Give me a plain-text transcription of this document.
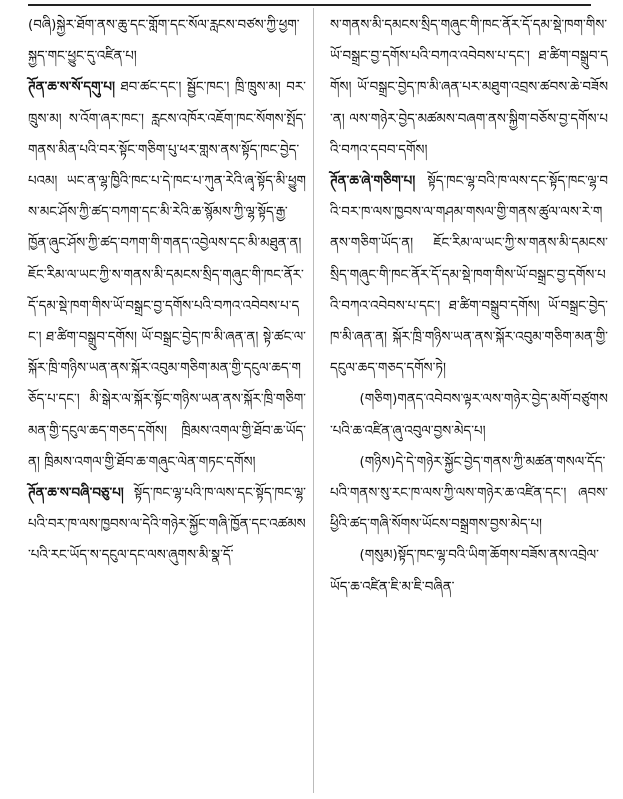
(བཞི)སྐྱེར་ཐོག་ནས་ཆུ་དང་གློག་དང་སོལ་རླངས་བཙས་ཀྱི་ཕྱག་སྐྱད་གང་ཕྱུང་དུ་འཛིན་པ།

ཊོན་ཆ་ས་སོ་དགུ་པ། ཐབ་ཚང་དང་། སྦྱོང་ཁང་། ཁྲི་ཁྲུས་མ། བར་ཁྲུས་མ། ས་འོག་ཞར་ཁང་། རླངས་འཁོར་འཇོག་ཁང་སོགས་སྤོད་གནས་མིན་པའི་བར་སྟོང་གཅིག་པུ་ཕར་གླས་ནས་སྟོད་ཁང་བྱེད་པའམ། ཡང་ན་ལྷ་ཁྱིའི་ཁང་པ་དེ་ཁང་པ་ཀུན་རེའི་ཞྭ་སྟོད་མི་ཕྱུགས་མང་ཤོས་ཀྱི་ཚད་བཀག་དང་མི་རེའི་ཆ་སྙོམས་ཀྱི་ལྷ་སྟོད་རྒྱ་ཁྱོན་ཞུང་ཤོས་ཀྱི་ཚད་བཀག་གི་གནད་འབྱེལས་དང་མི་མཐུན་ན། ཇོང་རིམ་ལ་ཡང་ཀྱི་ས་གནས་མི་དམངས་སྲིད་གཞུང་གི་ཁང་ནོར་དོ་དམ་སྡེ་ཁག་གིས་ཡོ་བསྒྲང་བྱ་དགོས་པའི་བཀའ་འབེབས་པ་དང་། ཐ་ཚིག་བསྒྲུབ་དགོས། ཡོ་བསྒྲང་བྱེད་ཁ་མི་ཞན་ན། སྟེ་ཚང་ལ་སྐོར་ཁྲི་གཉིས་ཡན་ནས་སྐོར་འབུམ་གཅིག་མན་གྱི་དངུལ་ཆད་གཅོད་པ་དང་། མི་སྒེར་ལ་སྐོར་སྟོང་གཉིས་ཡན་ནས་སྐོར་ཁྲི་གཅིག་མན་གྱི་དངུལ་ཆད་གཅད་དགོས། ཁྲིམས་འགལ་གྱི་ཐོབ་ཆ་ཡོད་ན། ཁྲིམས་འགལ་གྱི་ཐོབ་ཆ་གཞུང་ལེན་གཏང་དགོས།

ཊོན་ཆ་ས་བཞི་བཅུ་པ། སྟོད་ཁང་ལྷ་པའི་ཁ་ལས་དང་སྟོད་ཁང་ལྷ་པའི་བར་ཁ་ལས་ཁྱབས་ལ་དེའི་གཉེར་སྐྱོང་གཞི་ཁྱོན་དང་འཚམས་པའི་རང་ཡོད་ས་དངུལ་དང་ལས་ཞུགས་མི་སྣ་དོ་

ས་གནས་མི་དམངས་སྲིད་གཞུང་གི་ཁང་ནོར་དོ་དམ་སྡེ་ཁག་གིས་ཡོ་བསྒྲང་བྱ་དགོས་པའི་བཀའ་འབེབས་པ་དང་། ཐ་ཚིག་བསྒྲུབ་དགོས། ཡོ་བསྒྲང་བྱེད་ཁ་མི་ཞན་པར་མཐུག་འབྲས་ཚབས་ཆེ་བཟོས་ན། ལས་གཉེར་བྱེད་མཚམས་བཞག་ནས་སྐྱིག་བཅོས་བྱ་དགོས་པའི་བཀའ་དབབ་དགོས།

ཊོན་ཆ་ཞེ་གཅིག་པ། སྟོད་ཁང་ལྷ་བའི་ཁ་ལས་དང་སྟོད་ཁང་ལྷ་བའི་བར་ཁ་ལས་ཁྱབས་ལ་གཤམ་གསལ་གྱི་གནས་ཚུལ་ལས་རེ་གནས་གཅིག་ཡོད་ན། ཇོང་རིམ་ལ་ཡང་ཀྱི་ས་གནས་མི་དམངས་སྲིད་གཞུང་གི་ཁང་ནོར་དོ་དམ་སྡེ་ཁག་གིས་ཡོ་བསྒྲང་བྱ་དགོས་པའི་བཀའ་འབེབས་པ་དང་། ཐ་ཚིག་བསྒྲུབ་དགོས། ཡོ་བསྒྲང་བྱེད་ཁ་མི་ཞན་ན། སྐོར་ཁྲི་གཉིས་ཡན་ནས་སྐོར་འབུམ་གཅིག་མན་གྱི་དངུལ་ཆད་གཅད་དགོས་ཏེ།

(གཅིག)གནད་འབེབས་ལྟར་ལས་གཉེར་བྱེད་མགོ་བཙུགས་པའི་ཆ་འཛིན་ཞུ་འབུལ་བྱས་མེད་པ།

(གཉིས)དེ་དེ་གཉེར་སྐྱོང་བྱེད་གནས་ཀྱི་མཚན་གསལ་དོད་པའི་གནས་སུ་རང་ཁ་ལས་ཀྱི་ལས་གཉེར་ཆ་འཛིན་དང་། ཞབས་ཕྱིའི་ཚད་གཞི་སོགས་ཡོངས་བསྒྲགས་བྱས་མེད་པ།

(གསུམ)སྟོད་ཁང་ལྷ་བའི་ཡིག་ཆོགས་བཟོས་ནས་འབྲེལ་ཡོད་ཆ་འཛིན་ཇི་མ་ཇི་བཞིན་
